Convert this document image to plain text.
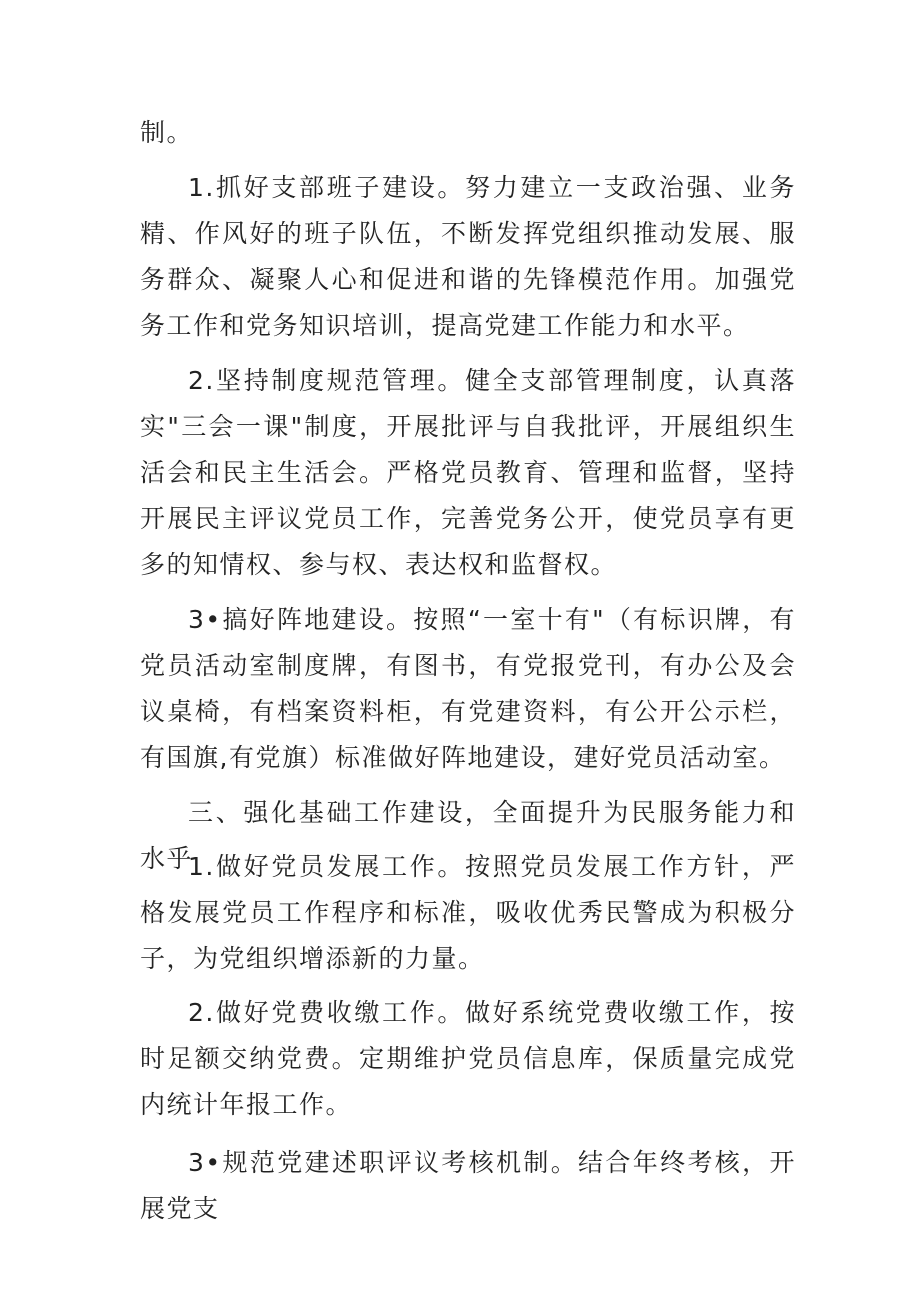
制。

1.抓好支部班子建设。努力建立一支政治强、业务精、作风好的班子队伍，不断发挥党组织推动发展、服务群众、凝聚人心和促进和谐的先锋模范作用。加强党务工作和党务知识培训，提高党建工作能力和水平。

2.坚持制度规范管理。健全支部管理制度，认真落实"三会一课"制度，开展批评与自我批评，开展组织生活会和民主生活会。严格党员教育、管理和监督，坚持开展民主评议党员工作，完善党务公开，使党员享有更多的知情权、参与权、表达权和监督权。

3•搞好阵地建设。按照“一室十有"（有标识牌，有党员活动室制度牌，有图书，有党报党刊，有办公及会议桌椅，有档案资料柜，有党建资料，有公开公示栏，有国旗,有党旗）标准做好阵地建设，建好党员活动室。

三、强化基础工作建设，全面提升为民服务能力和水乎

1.做好党员发展工作。按照党员发展工作方针，严格发展党员工作程序和标准，吸收优秀民警成为积极分子，为党组织增添新的力量。

2.做好党费收缴工作。做好系统党费收缴工作，按时足额交纳党费。定期维护党员信息库，保质量完成党内统计年报工作。

3•规范党建述职评议考核机制。结合年终考核，开展党支
